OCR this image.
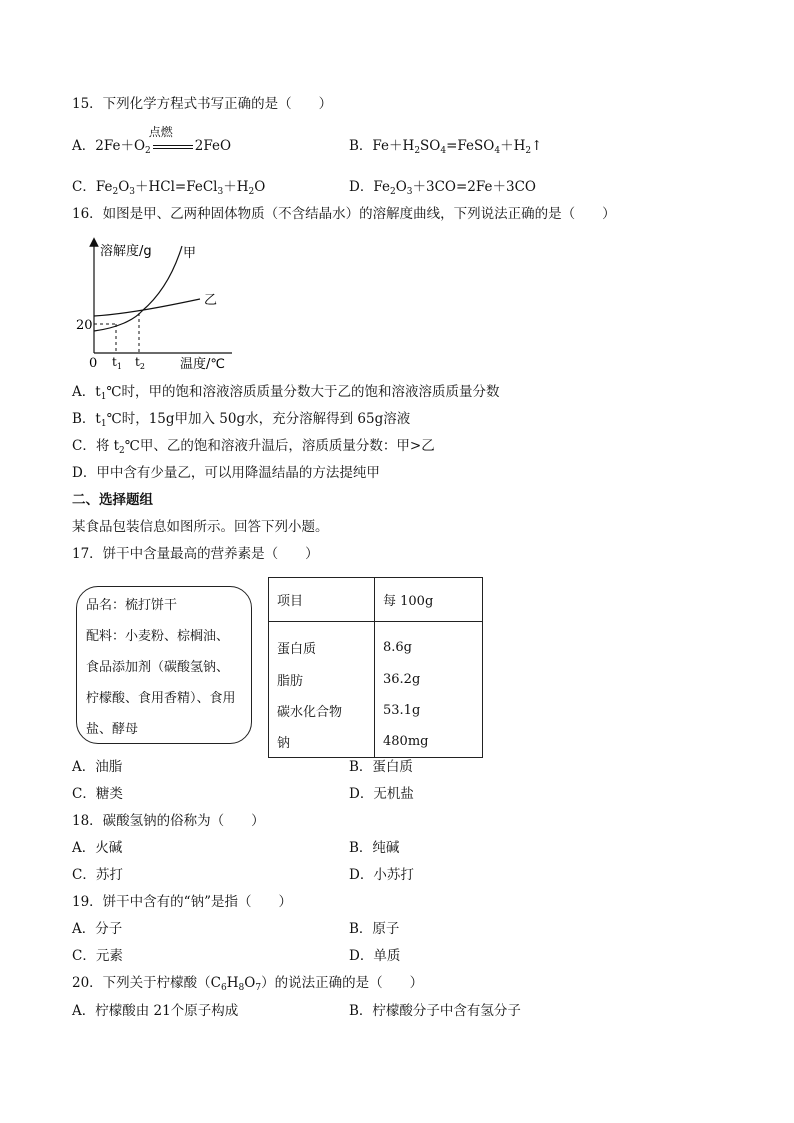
15．下列化学方程式书写正确的是（　　）
A．$2Fe+O_2$
点燃
2FeO	B．$Fe+H_2SO_4=FeSO_4+H_2↑$
C．$Fe_2O_3+HCl=FeCl_3+H_2O$	D．$Fe_2O_3+3CO=2Fe+3CO$
16．如图是甲、乙两种固体物质（不含结晶水）的溶解度曲线，下列说法正确的是（　　）
溶解度/g 甲
乙
20
0 $t_1$ $t_2$	温度/℃
A．$t_1℃$时，甲的饱和溶液溶质质量分数大于乙的饱和溶液溶质质量分数
B．$t_1℃$时，15g甲加入 50g水，充分溶解得到 65g溶液
C．将 $t_2℃$甲、乙的饱和溶液升温后，溶质质量分数：甲>乙
D．甲中含有少量乙，可以用降温结晶的方法提纯甲
二、选择题组
某食品包装信息如图所示。回答下列小题。
17．饼干中含量最高的营养素是（　　）
品名：梳打饼干
配料：小麦粉、棕榈油、
食品添加剂（碳酸氢钠、
柠檬酸、食用香精）、食用
盐、酵母
项目	每 100g
蛋白质	8.6g
脂肪	36.2g
碳水化合物	53.1g
钠	480mg
A．油脂	B．蛋白质
C．糖类	D．无机盐
18．碳酸氢钠的俗称为（　　）
A．火碱	B．纯碱
C．苏打	D．小苏打
19．饼干中含有的“钠”是指（　　）
A．分子	B．原子
C．元素	D．单质
20．下列关于柠檬酸$(C_6H_8O_7)$的说法正确的是（　　）
A．柠檬酸由 21个原子构成	B．柠檬酸分子中含有氢分子
